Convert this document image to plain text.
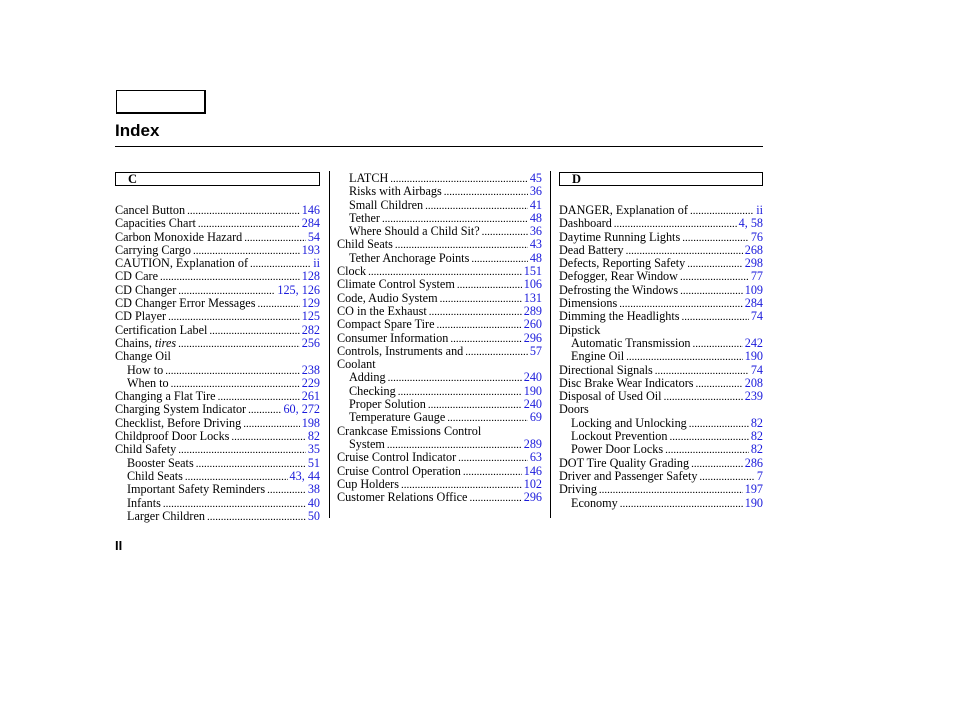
Index
C
Cancel Button .....	146
Capacities Chart .....	284
Carbon Monoxide Hazard .....	54
Carrying Cargo .....	193
CAUTION, Explanation of .....	ii
CD Care .....	128
CD Changer .....	125, 126
CD Changer Error Messages .....	129
CD Player .....	125
Certification Label .....	282
Chains, tires .....	256
Change Oil
How to .....	238
When to .....	229
Changing a Flat Tire .....	261
Charging System Indicator .....	60, 272
Checklist, Before Driving .....	198
Childproof Door Locks .....	82
Child Safety .....	35
Booster Seats .....	51
Child Seats .....	43, 44
Important Safety Reminders .....	38
Infants .....	40
Larger Children .....	50
LATCH .....	45
Risks with Airbags .....	36
Small Children .....	41
Tether .....	48
Where Should a Child Sit? .....	36
Child Seats .....	43
Tether Anchorage Points .....	48
Clock .....	151
Climate Control System .....	106
Code, Audio System .....	131
CO in the Exhaust .....	289
Compact Spare Tire .....	260
Consumer Information .....	296
Controls, Instruments and .....	57
Coolant
Adding .....	240
Checking .....	190
Proper Solution .....	240
Temperature Gauge .....	69
Crankcase Emissions Control
System .....	289
Cruise Control Indicator .....	63
Cruise Control Operation .....	146
Cup Holders .....	102
Customer Relations Office .....	296
D
DANGER, Explanation of .....	ii
Dashboard .....	4, 58
Daytime Running Lights .....	76
Dead Battery .....	268
Defects, Reporting Safety .....	298
Defogger, Rear Window .....	77
Defrosting the Windows .....	109
Dimensions .....	284
Dimming the Headlights .....	74
Dipstick
Automatic Transmission .....	242
Engine Oil .....	190
Directional Signals .....	74
Disc Brake Wear Indicators .....	208
Disposal of Used Oil .....	239
Doors
Locking and Unlocking .....	82
Lockout Prevention .....	82
Power Door Locks .....	82
DOT Tire Quality Grading .....	286
Driver and Passenger Safety .....	7
Driving .....	197
Economy .....	190
II
